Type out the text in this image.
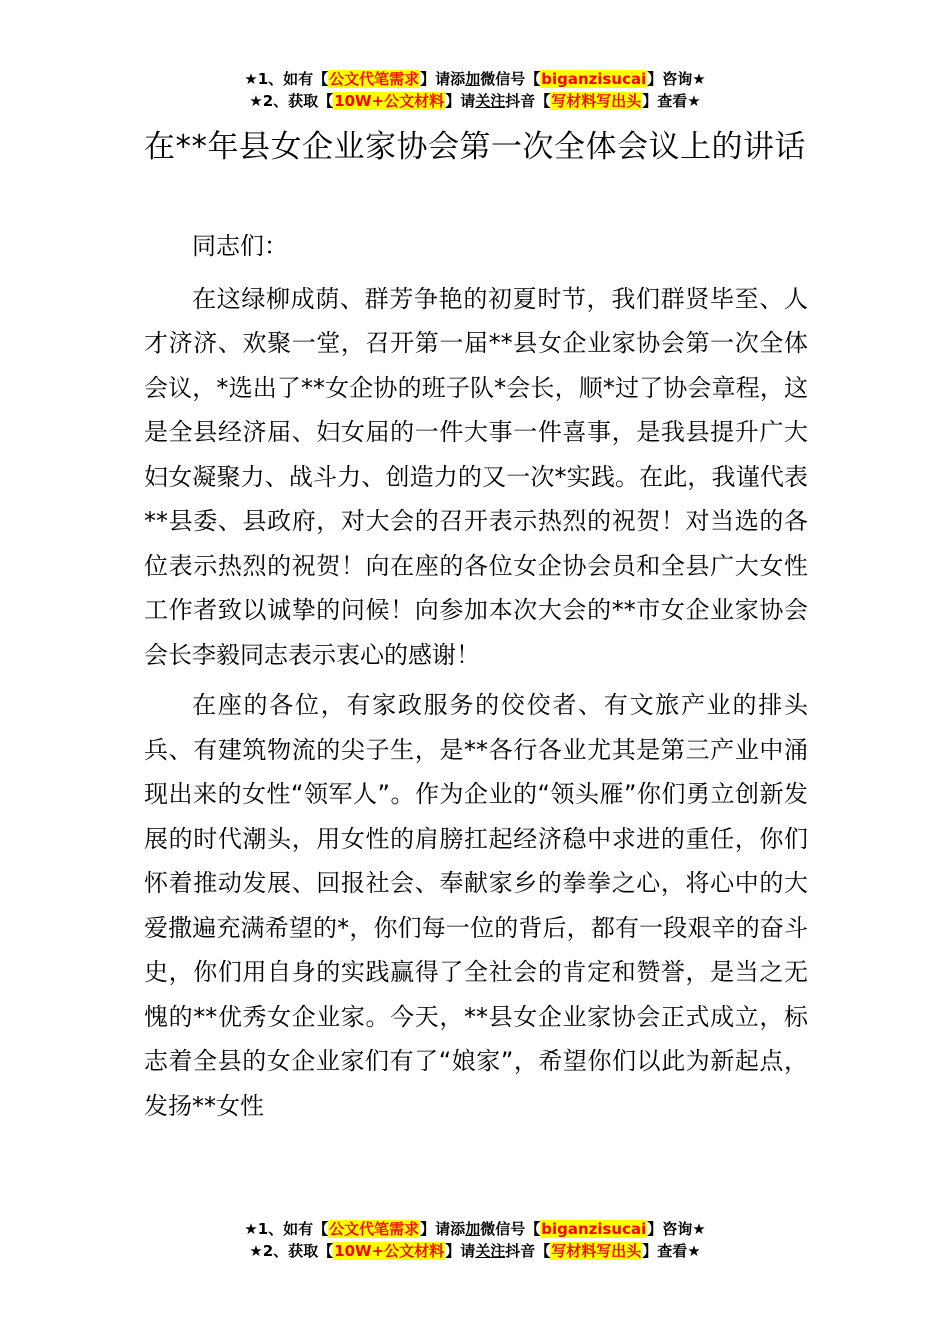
★1、如有【公文代笔需求】请添加微信号【biganzisucai】咨询★
★2、获取【10W+公文材料】请关注抖音【写材料写出头】查看★
在**年县女企业家协会第一次全体会议上的讲话

同志们：

在这绿柳成荫、群芳争艳的初夏时节，我们群贤毕至、人才济济、欢聚一堂，召开第一届**县女企业家协会第一次全体会议，*选出了**女企协的班子队*会长，顺*过了协会章程，这是全县经济届、妇女届的一件大事一件喜事，是我县提升广大妇女凝聚力、战斗力、创造力的又一次*实践。在此，我谨代表**县委、县政府，对大会的召开表示热烈的祝贺！对当选的各位表示热烈的祝贺！向在座的各位女企协会员和全县广大女性工作者致以诚挚的问候！向参加本次大会的**市女企业家协会会长李毅同志表示衷心的感谢！

在座的各位，有家政服务的佼佼者、有文旅产业的排头兵、有建筑物流的尖子生，是**各行各业尤其是第三产业中涌现出来的女性“领军人”。作为企业的“领头雁”你们勇立创新发展的时代潮头，用女性的肩膀扛起经济稳中求进的重任，你们怀着推动发展、回报社会、奉献家乡的拳拳之心，将心中的大爱撒遍充满希望的*，你们每一位的背后，都有一段艰辛的奋斗史，你们用自身的实践赢得了全社会的肯定和赞誉，是当之无愧的**优秀女企业家。今天，**县女企业家协会正式成立，标志着全县的女企业家们有了“娘家”，希望你们以此为新起点，发扬**女性

★1、如有【公文代笔需求】请添加微信号【biganzisucai】咨询★
★2、获取【10W+公文材料】请关注抖音【写材料写出头】查看★
